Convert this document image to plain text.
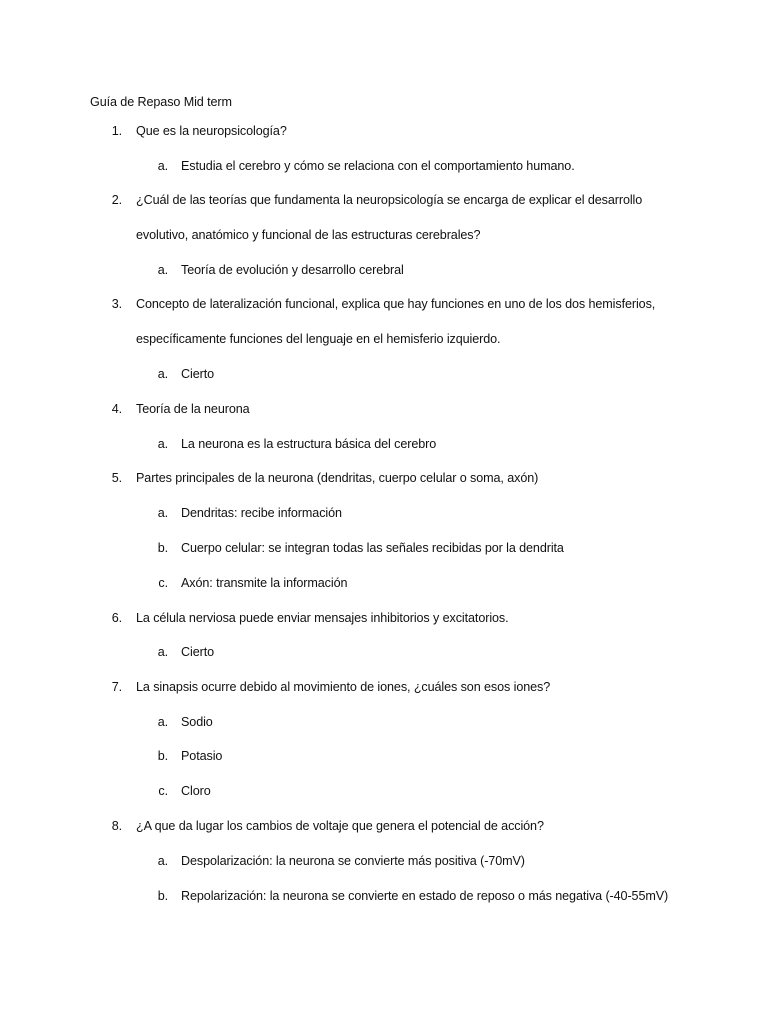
Guía de Repaso Mid term
1. Que es la neuropsicología?
a. Estudia el cerebro y cómo se relaciona con el comportamiento humano.
2. ¿Cuál de las teorías que fundamenta la neuropsicología se encarga de explicar el desarrollo
evolutivo, anatómico y funcional de las estructuras cerebrales?
a. Teoría de evolución y desarrollo cerebral
3. Concepto de lateralización funcional, explica que hay funciones en uno de los dos hemisferios,
específicamente funciones del lenguaje en el hemisferio izquierdo.
a. Cierto
4. Teoría de la neurona
a. La neurona es la estructura básica del cerebro
5. Partes principales de la neurona (dendritas, cuerpo celular o soma, axón)
a. Dendritas: recibe información
b. Cuerpo celular: se integran todas las señales recibidas por la dendrita
c. Axón: transmite la información
6. La célula nerviosa puede enviar mensajes inhibitorios y excitatorios.
a. Cierto
7. La sinapsis ocurre debido al movimiento de iones, ¿cuáles son esos iones?
a. Sodio
b. Potasio
c. Cloro
8. ¿A que da lugar los cambios de voltaje que genera el potencial de acción?
a. Despolarización: la neurona se convierte más positiva (-70mV)
b. Repolarización: la neurona se convierte en estado de reposo o más negativa (-40-55mV)
